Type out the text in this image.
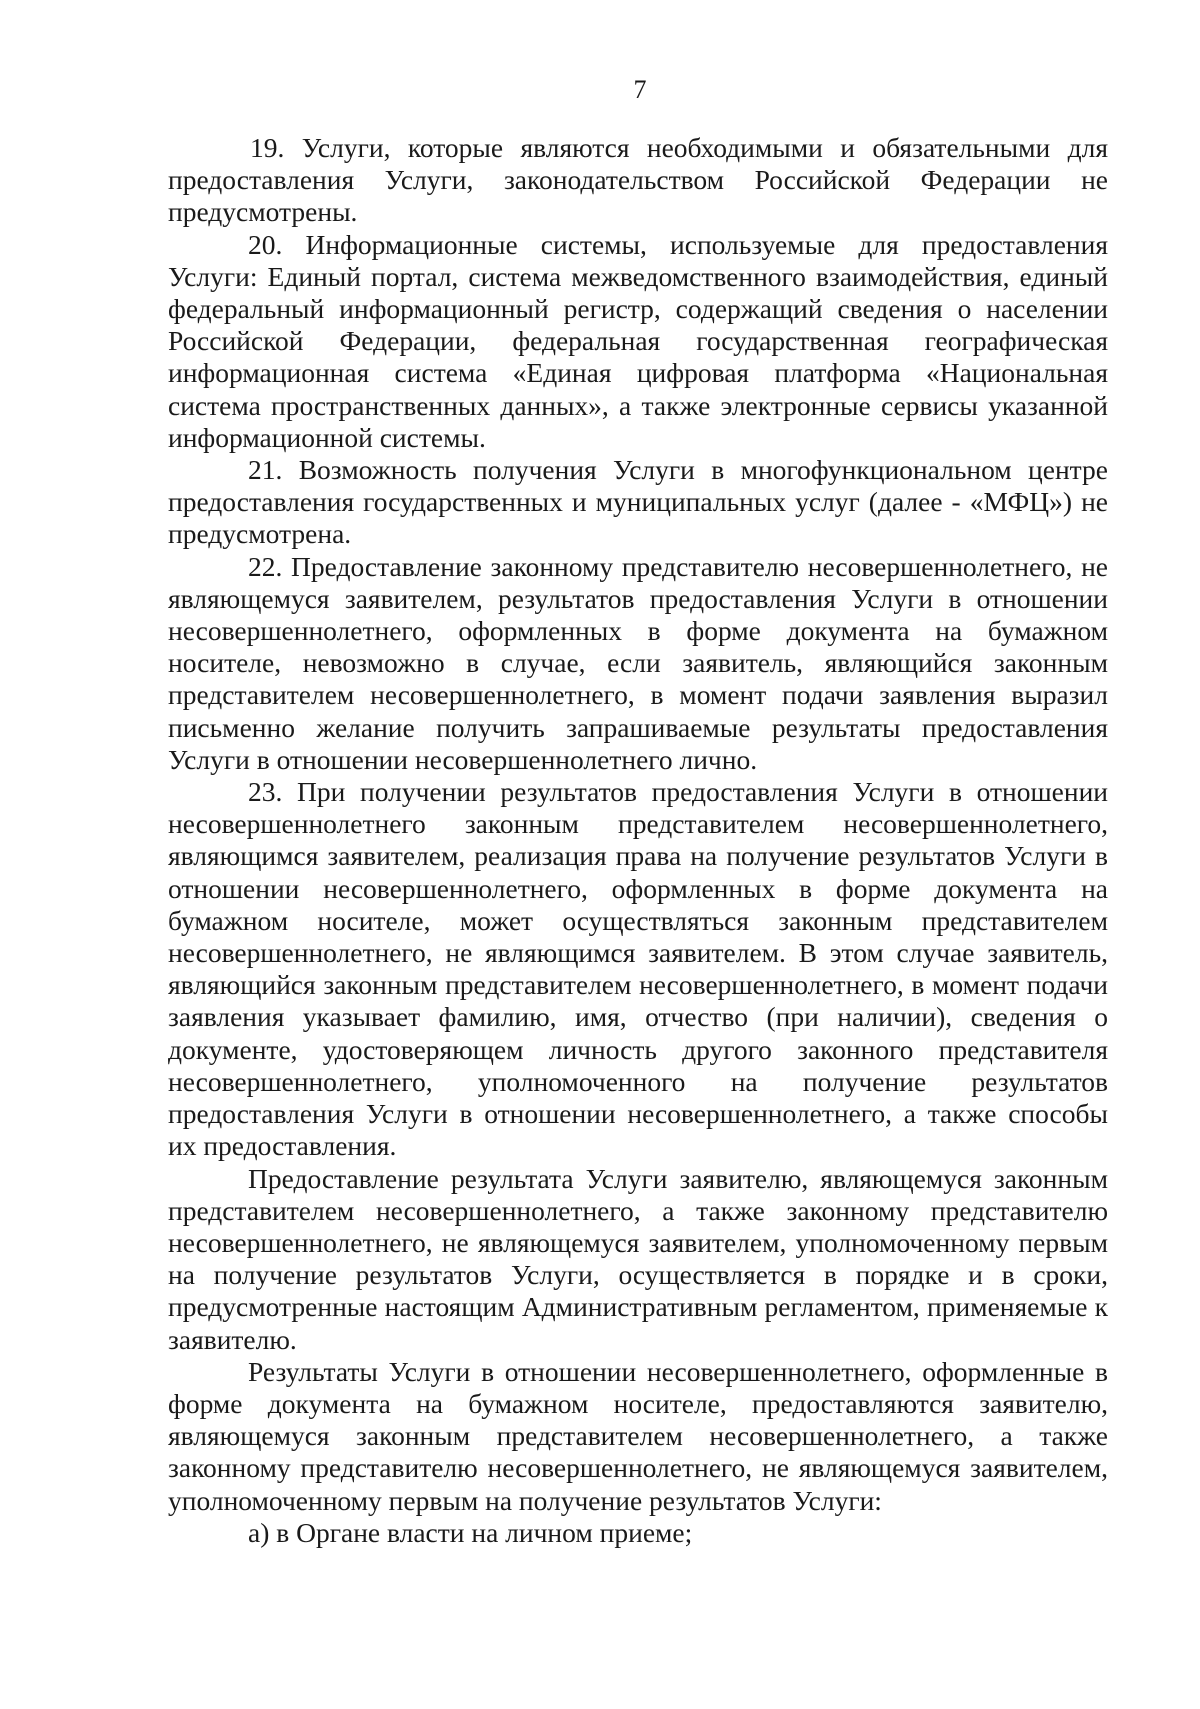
7

19. Услуги, которые являются необходимыми и обязательными для предоставления Услуги, законодательством Российской Федерации не предусмотрены.

20. Информационные системы, используемые для предоставления Услуги: Единый портал, система межведомственного взаимодействия, единый федеральный информационный регистр, содержащий сведения о населении Российской Федерации, федеральная государственная географическая информационная система «Единая цифровая платформа «Национальная система пространственных данных», а также электронные сервисы указанной информационной системы.

21. Возможность получения Услуги в многофункциональном центре предоставления государственных и муниципальных услуг (далее - «МФЦ») не предусмотрена.

22. Предоставление законному представителю несовершеннолетнего, не являющемуся заявителем, результатов предоставления Услуги в отношении несовершеннолетнего, оформленных в форме документа на бумажном носителе, невозможно в случае, если заявитель, являющийся законным представителем несовершеннолетнего, в момент подачи заявления выразил письменно желание получить запрашиваемые результаты предоставления Услуги в отношении несовершеннолетнего лично.

23. При получении результатов предоставления Услуги в отношении несовершеннолетнего законным представителем несовершеннолетнего, являющимся заявителем, реализация права на получение результатов Услуги в отношении несовершеннолетнего, оформленных в форме документа на бумажном носителе, может осуществляться законным представителем несовершеннолетнего, не являющимся заявителем. В этом случае заявитель, являющийся законным представителем несовершеннолетнего, в момент подачи заявления указывает фамилию, имя, отчество (при наличии), сведения о документе, удостоверяющем личность другого законного представителя несовершеннолетнего, уполномоченного на получение результатов предоставления Услуги в отношении несовершеннолетнего, а также способы их предоставления.

Предоставление результата Услуги заявителю, являющемуся законным представителем несовершеннолетнего, а также законному представителю несовершеннолетнего, не являющемуся заявителем, уполномоченному первым на получение результатов Услуги, осуществляется в порядке и в сроки, предусмотренные настоящим Административным регламентом, применяемые к заявителю.

Результаты Услуги в отношении несовершеннолетнего, оформленные в форме документа на бумажном носителе, предоставляются заявителю, являющемуся законным представителем несовершеннолетнего, а также законному представителю несовершеннолетнего, не являющемуся заявителем, уполномоченному первым на получение результатов Услуги:

а) в Органе власти на личном приеме;
